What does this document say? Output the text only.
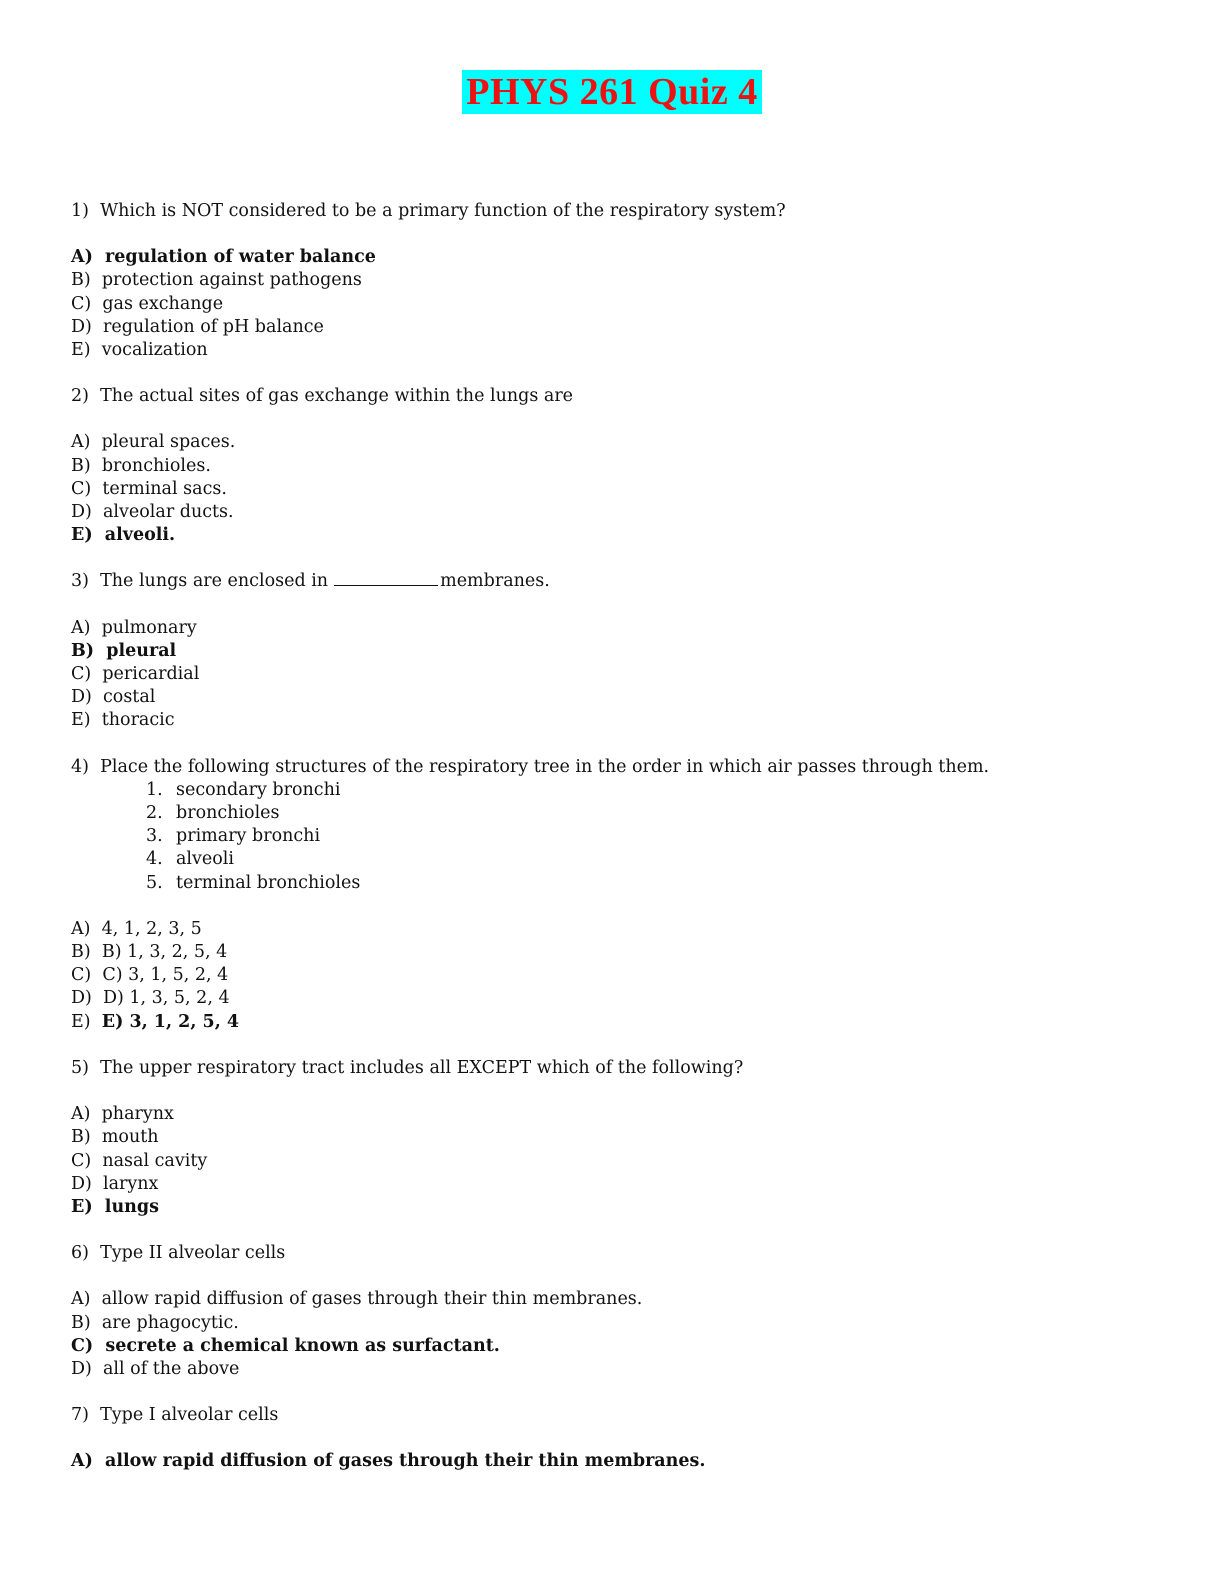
PHYS 261 Quiz 4
1)  Which is NOT considered to be a primary function of the respiratory system?
A)  regulation of water balance
B)  protection against pathogens
C)  gas exchange
D)  regulation of pH balance
E)  vocalization
2)  The actual sites of gas exchange within the lungs are
A)  pleural spaces.
B)  bronchioles.
C)  terminal sacs.
D)  alveolar ducts.
E)  alveoli.
3)  The lungs are enclosed in	membranes.
A)  pulmonary
B)  pleural
C)  pericardial
D)  costal
E)  thoracic
4)  Place the following structures of the respiratory tree in the order in which air passes through them.
1. secondary bronchi
2. bronchioles
3. primary bronchi
4. alveoli
5. terminal bronchioles
A)  4, 1, 2, 3, 5
B)  B) 1, 3, 2, 5, 4
C)  C) 3, 1, 5, 2, 4
D)  D) 1, 3, 5, 2, 4
E)  E) 3, 1, 2, 5, 4
5)  The upper respiratory tract includes all EXCEPT which of the following?
A)  pharynx
B)  mouth
C)  nasal cavity
D)  larynx
E)  lungs
6)  Type II alveolar cells
A)  allow rapid diffusion of gases through their thin membranes.
B)  are phagocytic.
C)  secrete a chemical known as surfactant.
D)  all of the above
7)  Type I alveolar cells
A)  allow rapid diffusion of gases through their thin membranes.
